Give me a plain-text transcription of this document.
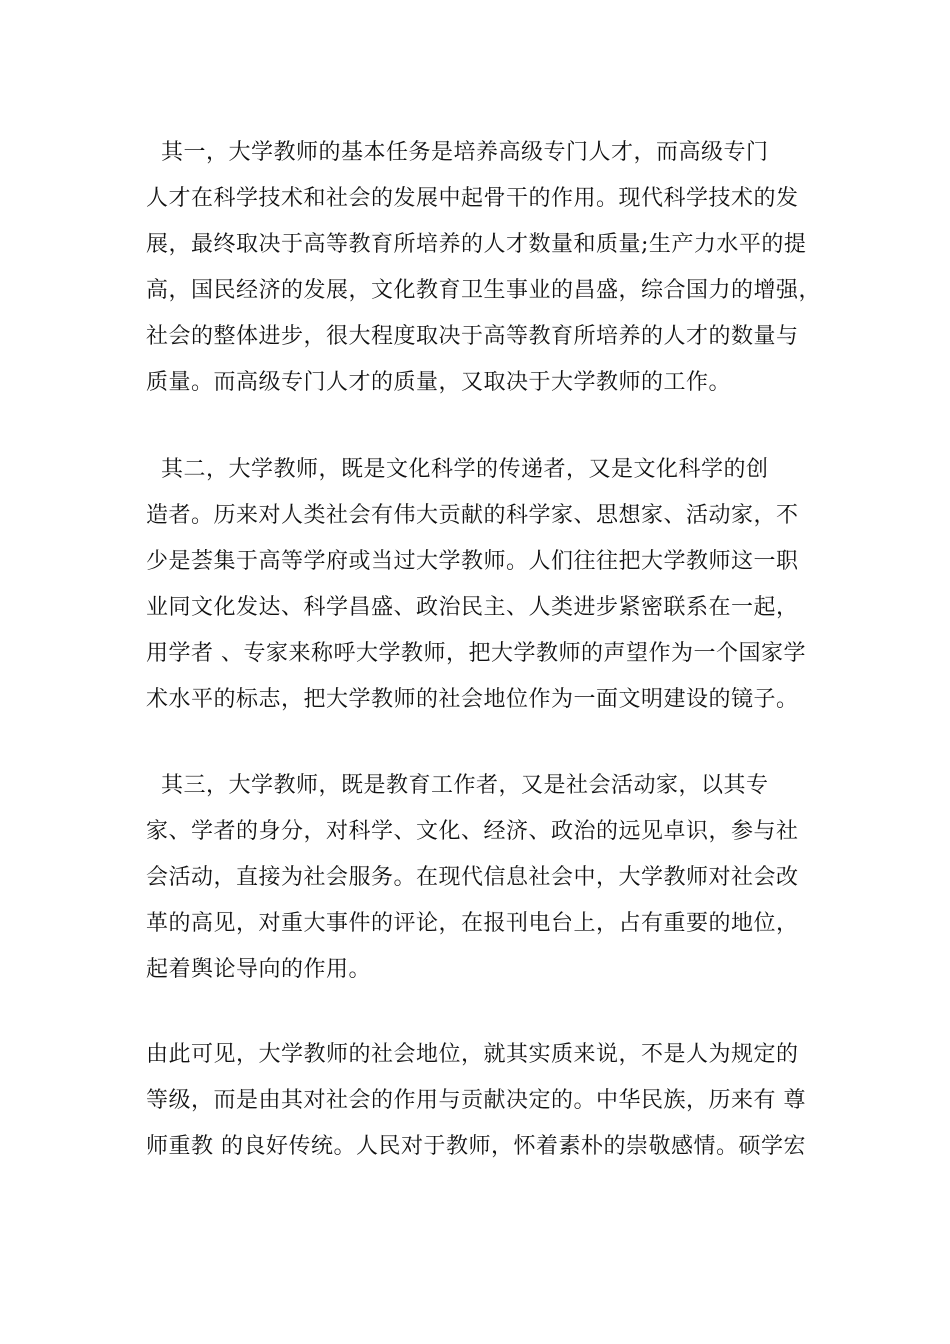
其一，大学教师的基本任务是培养高级专门人才，而高级专门

人才在科学技术和社会的发展中起骨干的作用。现代科学技术的发

展，最终取决于高等教育所培养的人才数量和质量;生产力水平的提

高，国民经济的发展，文化教育卫生事业的昌盛，综合国力的增强，

社会的整体进步，很大程度取决于高等教育所培养的人才的数量与

质量。而高级专门人才的质量，又取决于大学教师的工作。

其二，大学教师，既是文化科学的传递者，又是文化科学的创

造者。历来对人类社会有伟大贡献的科学家、思想家、活动家，不

少是荟集于高等学府或当过大学教师。人们往往把大学教师这一职

业同文化发达、科学昌盛、政治民主、人类进步紧密联系在一起，

用学者 、专家来称呼大学教师，把大学教师的声望作为一个国家学

术水平的标志，把大学教师的社会地位作为一面文明建设的镜子。

其三，大学教师，既是教育工作者，又是社会活动家，以其专

家、学者的身分，对科学、文化、经济、政治的远见卓识，参与社

会活动，直接为社会服务。在现代信息社会中，大学教师对社会改

革的高见，对重大事件的评论，在报刊电台上，占有重要的地位，

起着舆论导向的作用。

由此可见，大学教师的社会地位，就其实质来说，不是人为规定的

等级，而是由其对社会的作用与贡献决定的。中华民族，历来有 尊

师重教 的良好传统。人民对于教师，怀着素朴的崇敬感情。硕学宏
